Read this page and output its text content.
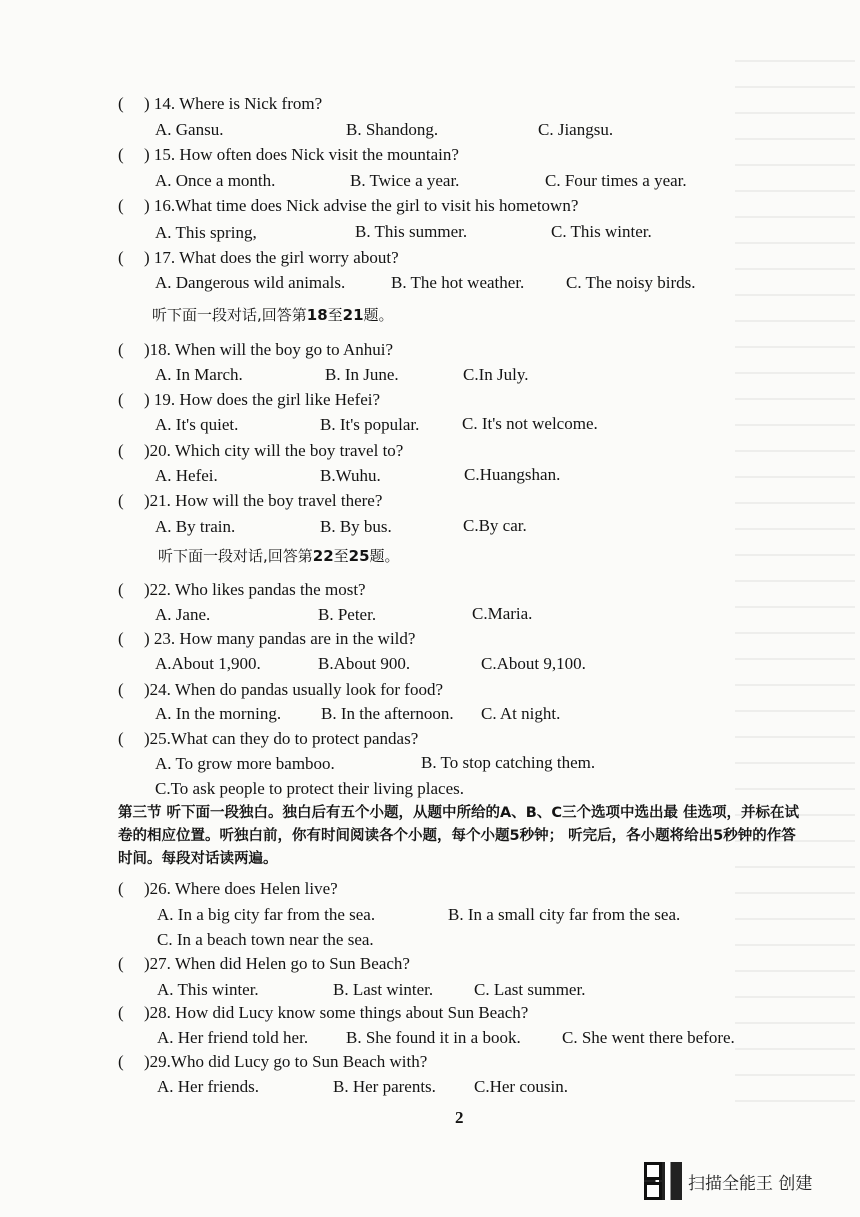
( ) 14. Where is Nick from?
A. Gansu.	B. Shandong.	C. Jiangsu.
( ) 15. How often does Nick visit the mountain?
A. Once a month.	B. Twice a year.	C. Four times a year.
( ) 16.What time does Nick advise the girl to visit his hometown?
A. This spring,	B. This summer.	C. This winter.
( ) 17. What does the girl worry about?
A. Dangerous wild animals.	B. The hot weather. C. The noisy birds.
听下面一段对话,回答第18至21题。
( )18. When will the boy go to Anhui?
A. In March.	B. In June.	C.In July.
( ) 19. How does the girl like Hefei?
A. It's quiet.	B. It's popular.	C. It's not welcome.
( )20. Which city will the boy travel to?
A. Hefei.	B.Wuhu.	C.Huangshan.
( )21. How will the boy travel there?
A. By train.	B. By bus.	C.By car.
听下面一段对话,回答第22至25题。
( )22. Who likes pandas the most?
A. Jane.	B. Peter.	C.Maria.
( ) 23. How many pandas are in the wild?
A.About 1,900.	B.About 900.	C.About 9,100.
( )24. When do pandas usually look for food?
A. In the morning. B. In the afternoon. C. At night.
( )25.What can they do to protect pandas?
A. To grow more bamboo.	B. To stop catching them.
C.To ask people to protect their living places.
第三节 听下面一段独白。独白后有五个小题，从题中所给的A、B、C三个选项中选出最 佳选项，并标在试卷的相应位置。听独白前，你有时间阅读各个小题，每个小题5秒钟； 听完后，各小题将给出5秒钟的作答时间。每段对话读两遍。
( )26. Where does Helen live?
A. In a big city far from the sea.	B. In a small city far from the sea.
C. In a beach town near the sea.
( )27. When did Helen go to Sun Beach?
A. This winter.	B. Last winter. C. Last summer.
( )28. How did Lucy know some things about Sun Beach?
A. Her friend told her. B. She found it in a book. C. She went there before.
( )29.Who did Lucy go to Sun Beach with?
A. Her friends.	B. Her parents. C.Her cousin.
2
扫描全能王 创建
